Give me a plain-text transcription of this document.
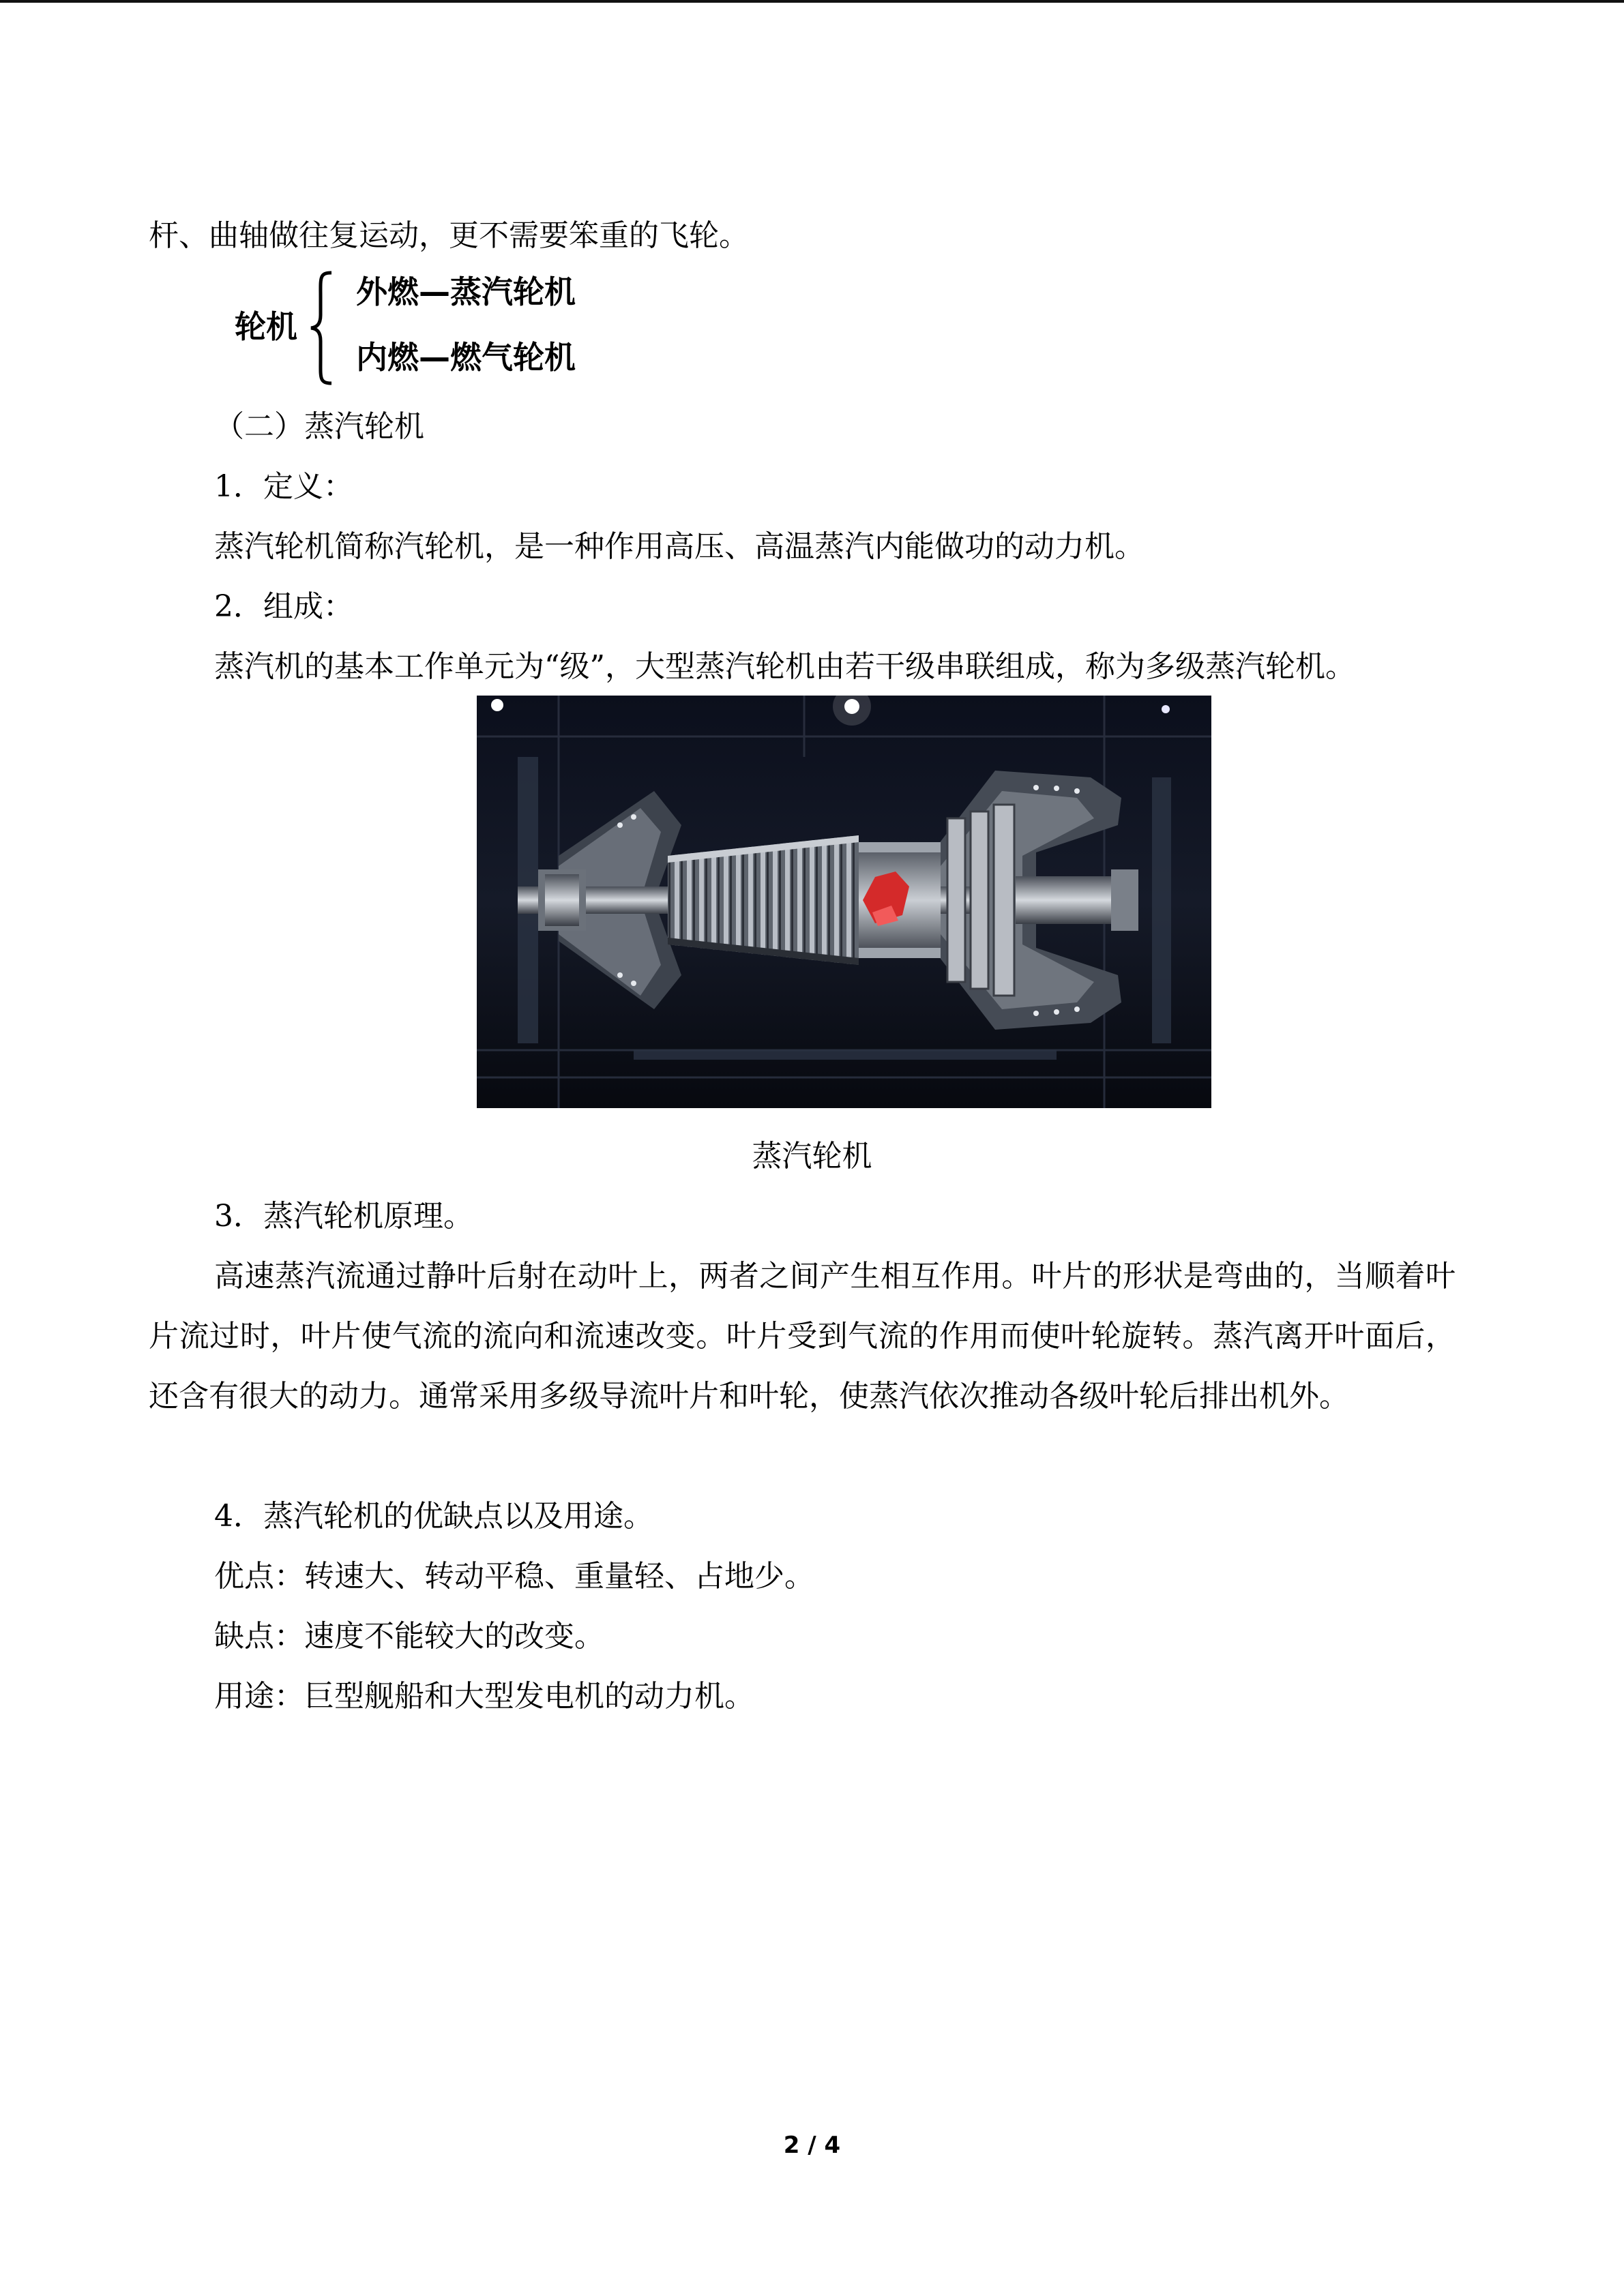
杆、曲轴做往复运动，更不需要笨重的飞轮。
轮机
外燃—蒸汽轮机
内燃—燃气轮机
（二）蒸汽轮机
1．定义：
蒸汽轮机简称汽轮机，是一种作用高压、高温蒸汽内能做功的动力机。
2．组成：
蒸汽机的基本工作单元为“级”，大型蒸汽轮机由若干级串联组成，称为多级蒸汽轮机。
蒸汽轮机
3．蒸汽轮机原理。
高速蒸汽流通过静叶后射在动叶上，两者之间产生相互作用。叶片的形状是弯曲的，当顺着叶片流过时，叶片使气流的流向和流速改变。叶片受到气流的作用而使叶轮旋转。蒸汽离开叶面后，还含有很大的动力。通常采用多级导流叶片和叶轮，使蒸汽依次推动各级叶轮后排出机外。
4．蒸汽轮机的优缺点以及用途。
优点：转速大、转动平稳、重量轻、占地少。
缺点：速度不能较大的改变。
用途：巨型舰船和大型发电机的动力机。
2 / 4
